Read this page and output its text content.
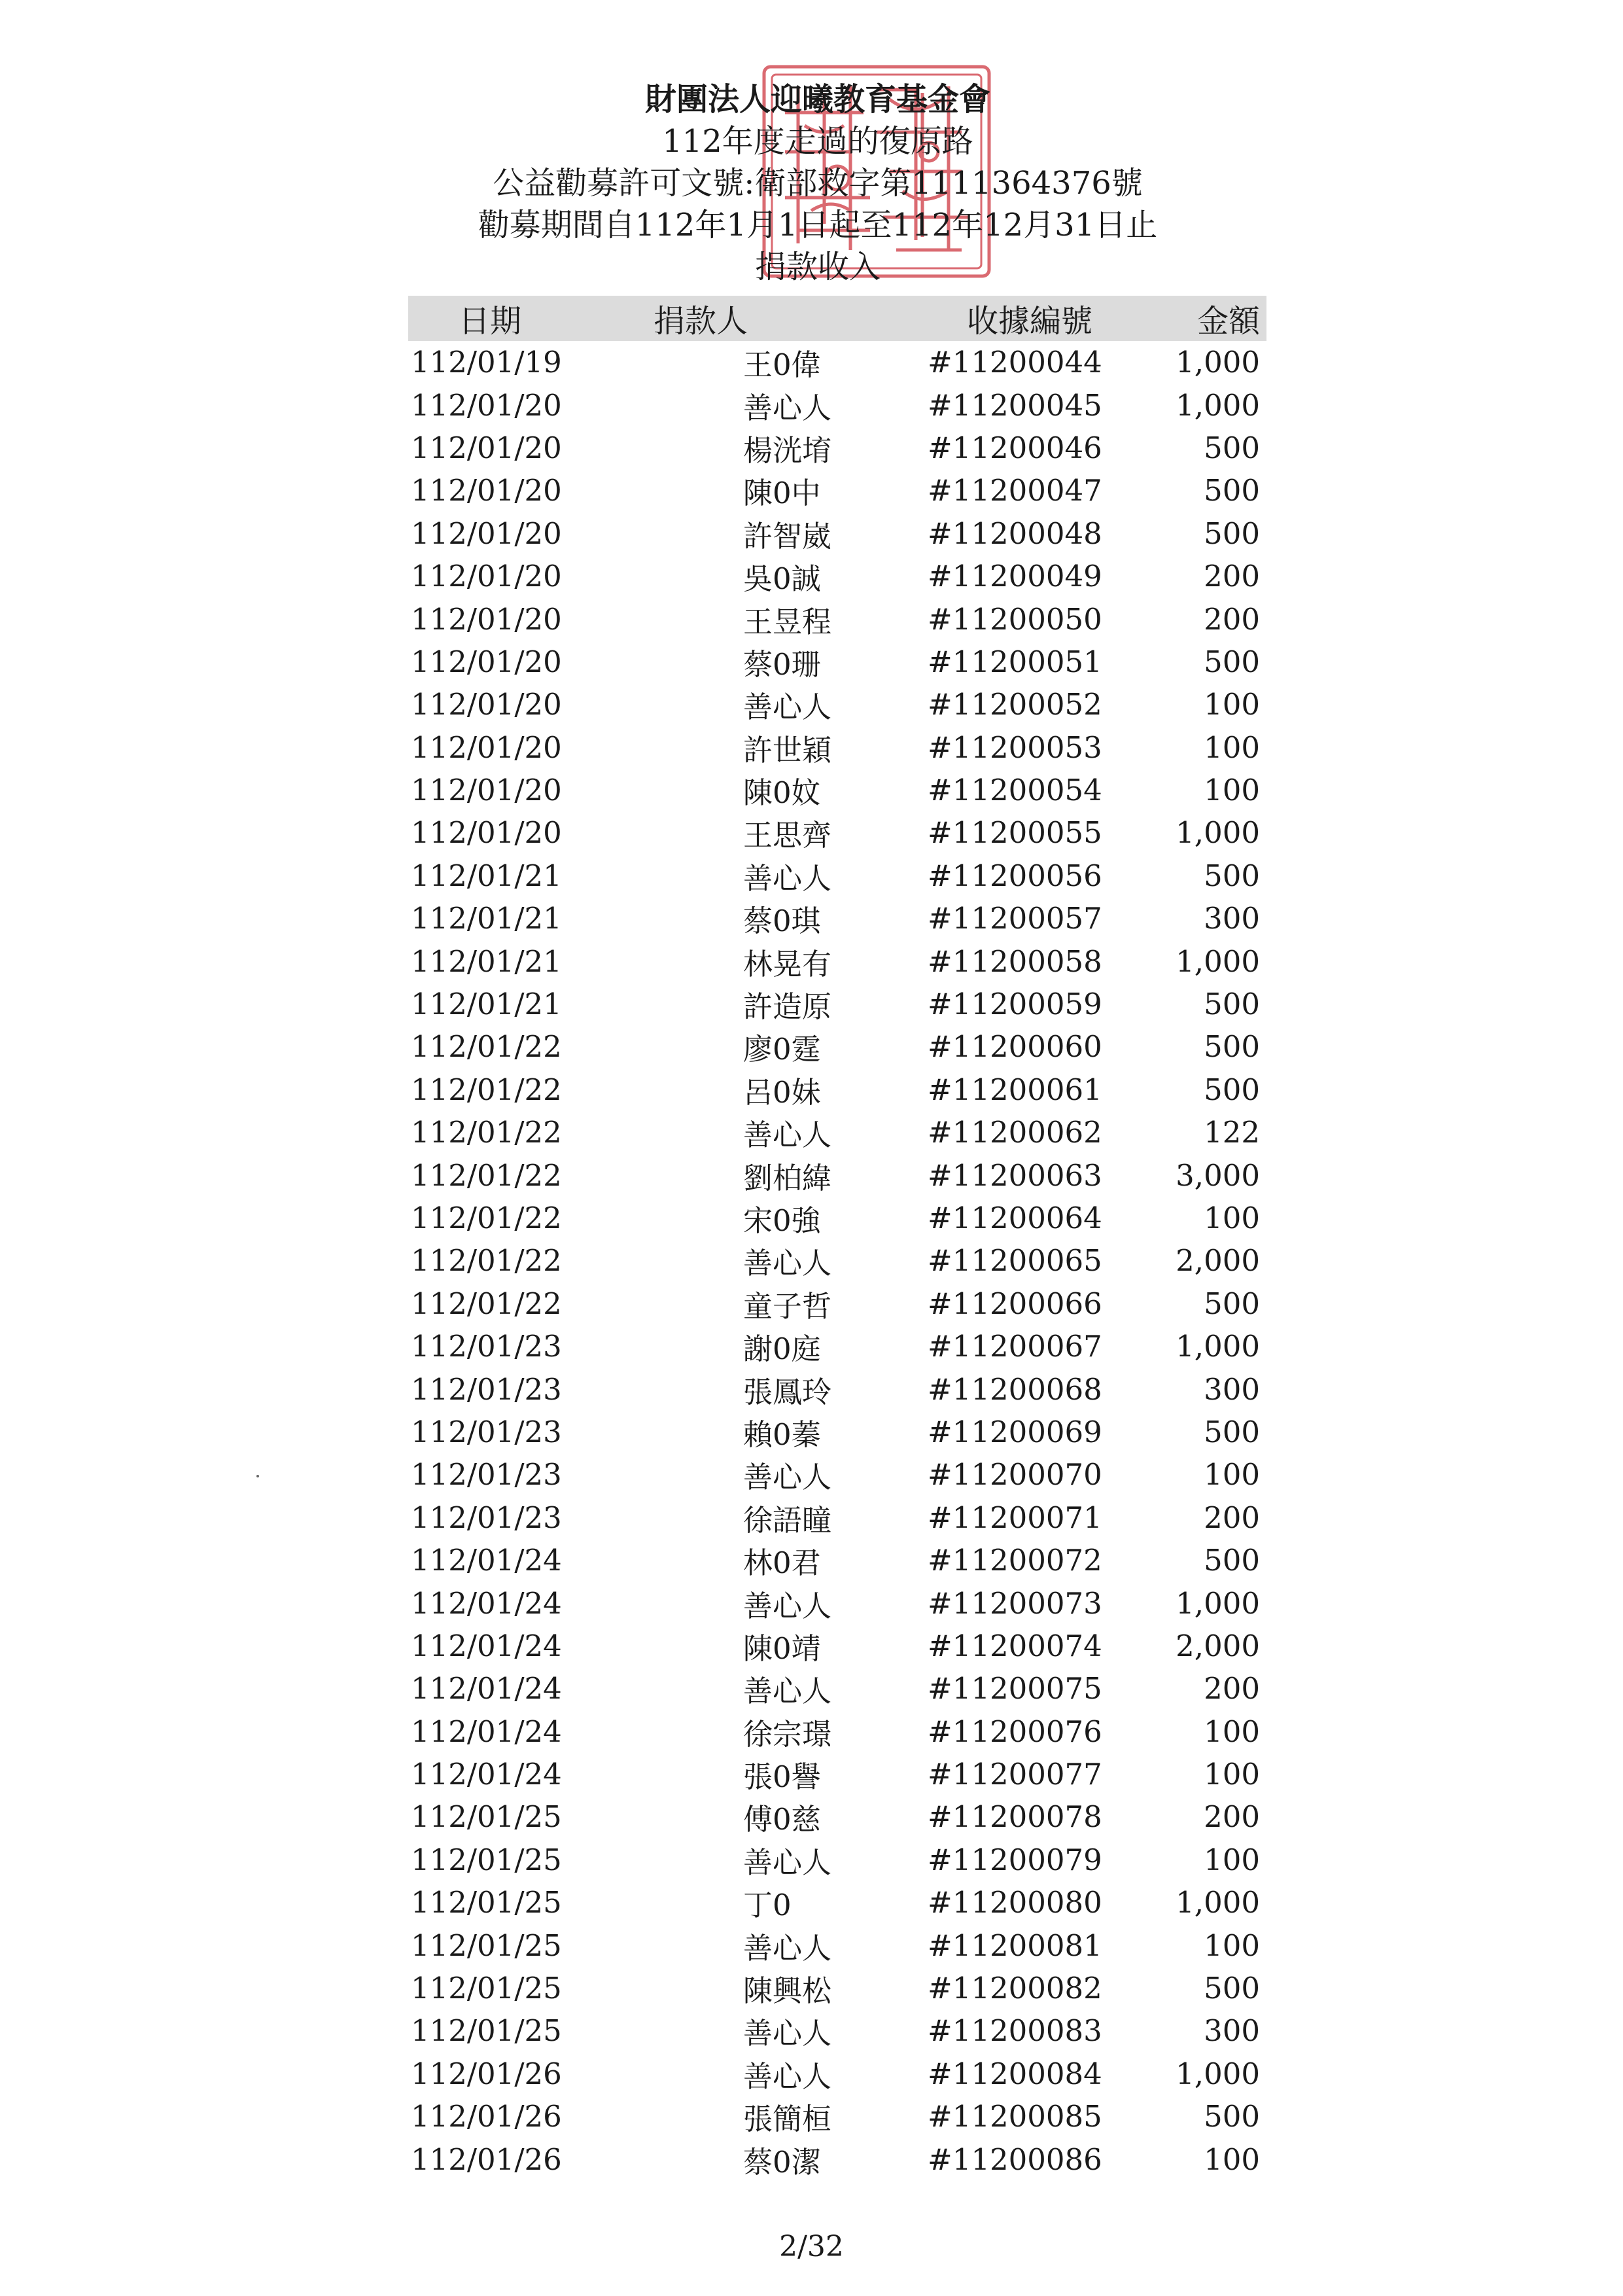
財團法人迎曦教育基金會
112年度走過的復原路
公益勸募許可文號:衛部救字第1111364376號
勸募期間自112年1月1日起至112年12月31日止
捐款收入
日期	捐款人	收據編號	金額
112/01/19	王0偉	#11200044	1,000
112/01/20	善心人	#11200045	1,000
112/01/20	楊洸堉	#11200046	500
112/01/20	陳0中	#11200047	500
112/01/20	許智崴	#11200048	500
112/01/20	吳0誠	#11200049	200
112/01/20	王昱程	#11200050	200
112/01/20	蔡0珊	#11200051	500
112/01/20	善心人	#11200052	100
112/01/20	許世穎	#11200053	100
112/01/20	陳0妏	#11200054	100
112/01/20	王思齊	#11200055	1,000
112/01/21	善心人	#11200056	500
112/01/21	蔡0琪	#11200057	300
112/01/21	林晃有	#11200058	1,000
112/01/21	許造原	#11200059	500
112/01/22	廖0霆	#11200060	500
112/01/22	呂0妹	#11200061	500
112/01/22	善心人	#11200062	122
112/01/22	劉柏緯	#11200063	3,000
112/01/22	宋0強	#11200064	100
112/01/22	善心人	#11200065	2,000
112/01/22	童子哲	#11200066	500
112/01/23	謝0庭	#11200067	1,000
112/01/23	張鳳玲	#11200068	300
112/01/23	賴0蓁	#11200069	500
112/01/23	善心人	#11200070	100
112/01/23	徐語瞳	#11200071	200
112/01/24	林0君	#11200072	500
112/01/24	善心人	#11200073	1,000
112/01/24	陳0靖	#11200074	2,000
112/01/24	善心人	#11200075	200
112/01/24	徐宗璟	#11200076	100
112/01/24	張0譽	#11200077	100
112/01/25	傅0慈	#11200078	200
112/01/25	善心人	#11200079	100
112/01/25	丁0	#11200080	1,000
112/01/25	善心人	#11200081	100
112/01/25	陳興松	#11200082	500
112/01/25	善心人	#11200083	300
112/01/26	善心人	#11200084	1,000
112/01/26	張簡桓	#11200085	500
112/01/26	蔡0潔	#11200086	100
2/32
